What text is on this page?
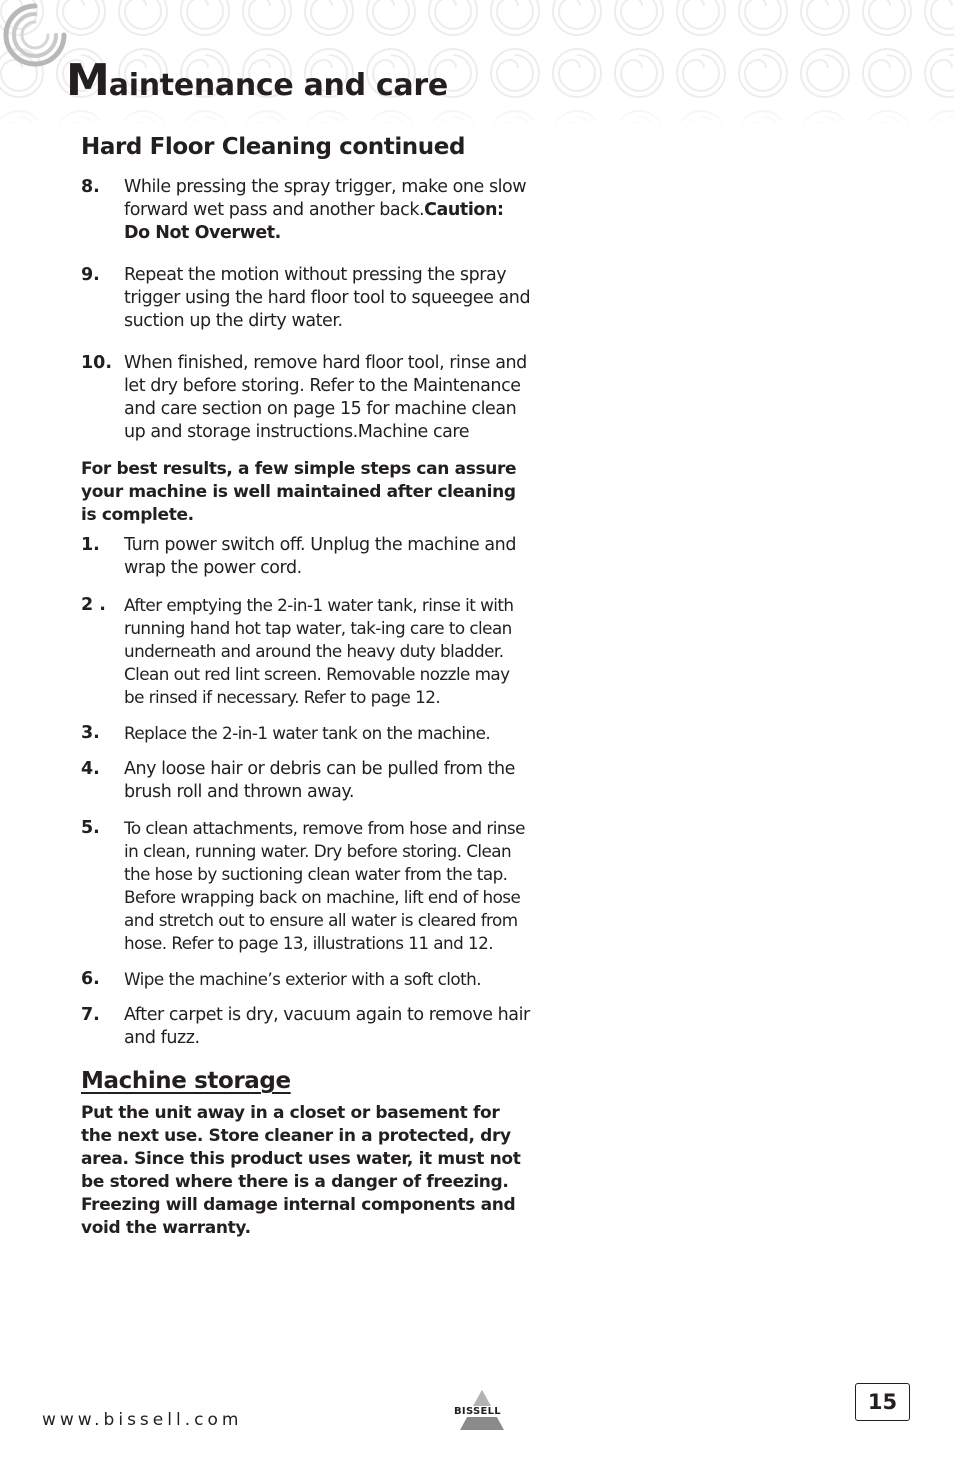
Maintenance and care
Hard Floor Cleaning continued
8. While pressing the spray trigger, make one slow forward wet pass and another back.Caution: Do Not Overwet.
9. Repeat the motion without pressing the spray trigger using the hard floor tool to squeegee and suction up the dirty water.
10. When finished, remove hard floor tool, rinse and let dry before storing. Refer to the Maintenance and care section on page 15 for machine clean up and storage instructions.Machine care

For best results, a few simple steps can assure your machine is well maintained after cleaning is complete.

1. Turn power switch off. Unplug the machine and wrap the power cord.
2 . After emptying the 2-in-1 water tank, rinse it with running hand hot tap water, tak-ing care to clean underneath and around the heavy duty bladder. Clean out red lint screen. Removable nozzle may be rinsed if necessary. Refer to page 12.
3. Replace the 2-in-1 water tank on the machine.
4. Any loose hair or debris can be pulled from the brush roll and thrown away.
5. To clean attachments, remove from hose and rinse in clean, running water. Dry before storing. Clean the hose by suctioning clean water from the tap. Before wrapping back on machine, lift end of hose and stretch out to ensure all water is cleared from hose. Refer to page 13, illustrations 11 and 12.
6. Wipe the machine’s exterior with a soft cloth.
7. After carpet is dry, vacuum again to remove hair and fuzz.
Machine storage

Put the unit away in a closet or basement for the next use. Store cleaner in a protected, dry area. Since this product uses water, it must not be stored where there is a danger of freezing. Freezing will damage internal components and void the warranty.

www.bissell.com	BISSELL	15
